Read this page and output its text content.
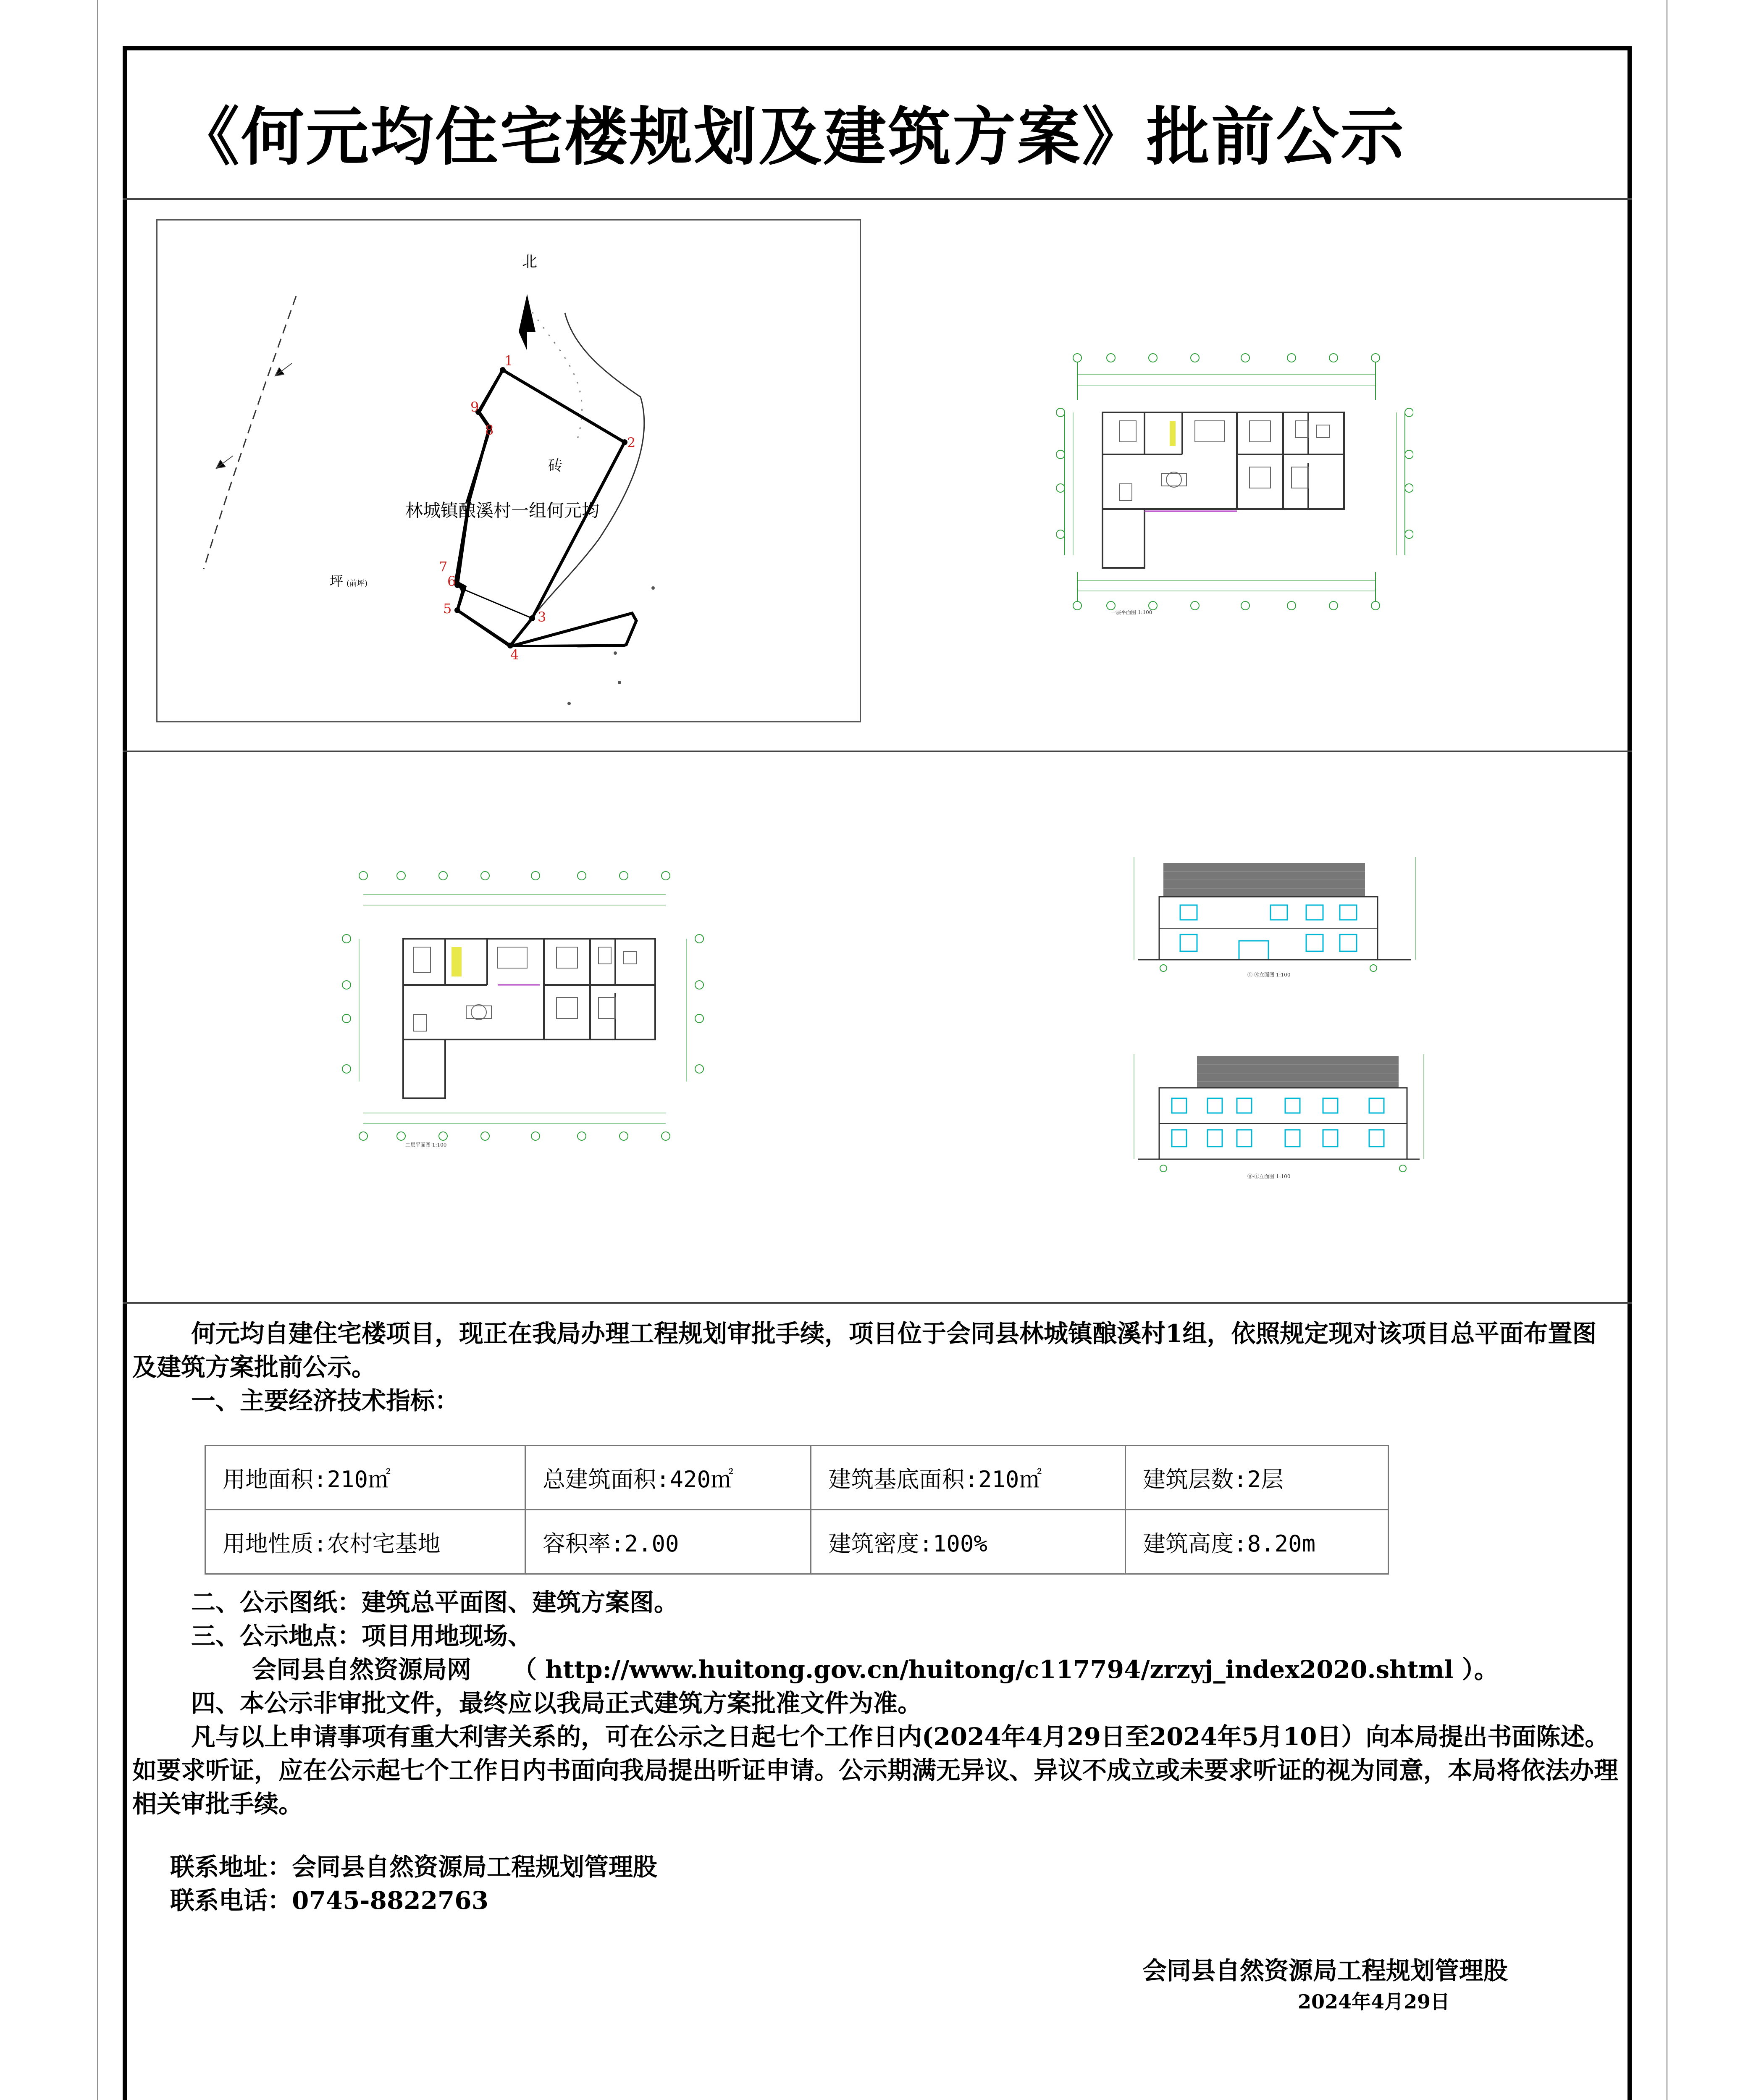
《何元均住宅楼规划及建筑方案》批前公示
北
1
2
3
4
5
6
7
8
9
砖
林城镇酿溪村一组何元均
坪 (前坪)
一层平面图 1:100
二层平面图 1:100
①-⑧立面图 1:100
⑧-①立面图 1:100
何元均自建住宅楼项目，现正在我局办理工程规划审批手续，项目位于会同县林城镇酿溪村1组，依照规定现对该项目总平面布置图及建筑方案批前公示。
一、主要经济技术指标：
用地面积:210㎡	总建筑面积:420㎡	建筑基底面积:210㎡	建筑层数:2层
用地性质:农村宅基地	容积率:2.00	建筑密度:100%	建筑高度:8.20m
二、公示图纸：建筑总平面图、建筑方案图。
三、公示地点：项目用地现场、
会同县自然资源局网 （ http://www.huitong.gov.cn/huitong/c117794/zrzyj_index2020.shtml ）。
四、本公示非审批文件，最终应以我局正式建筑方案批准文件为准。
凡与以上申请事项有重大利害关系的，可在公示之日起七个工作日内(2024年4月29日至2024年5月10日）向本局提出书面陈述。如要求听证，应在公示起七个工作日内书面向我局提出听证申请。公示期满无异议、异议不成立或未要求听证的视为同意，本局将依法办理相关审批手续。
联系地址：会同县自然资源局工程规划管理股
联系电话：0745-8822763
会同县自然资源局工程规划管理股
2024年4月29日
